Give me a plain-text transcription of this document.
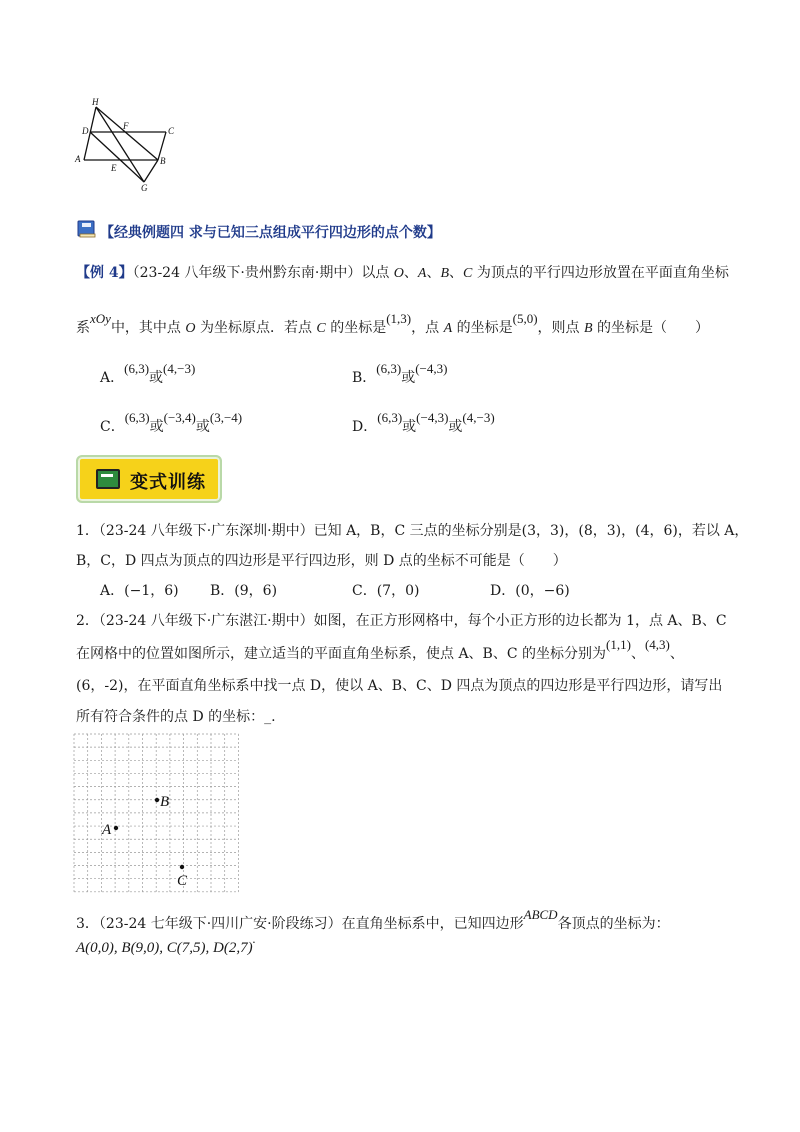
H
D	F	C
A
E
B
G
【经典例题四 求与已知三点组成平行四边形的点个数】
【例 4】（23-24 八年级下·贵州黔东南·期中）以点 O、A、B、C 为顶点的平行四边形放置在平面直角坐标
系xOy中，其中点 O 为坐标原点．若点 C 的坐标是(1,3)，点 A 的坐标是(5,0)，则点 B 的坐标是（　　）
A．(6,3)或(4,−3)
B．(6,3)或(−4,3)
C．(6,3)或(−3,4)或(3,−4)
D．(6,3)或(−4,3)或(4,−3)
变式训练
1．（23-24 八年级下·广东深圳·期中）已知 A，B，C 三点的坐标分别是(3，3)，(8，3)，(4，6)，若以 A，
B，C，D 四点为顶点的四边形是平行四边形，则 D 点的坐标不可能是（　　）
A．(−1，6) B．(9，6)	C．(7，0)	D．(0，−6)
2．（23-24 八年级下·广东湛江·期中）如图，在正方形网格中，每个小正方形的边长都为 1，点 A、B、C
在网格中的位置如图所示，建立适当的平面直角坐标系，使点 A、B、C 的坐标分别为(1,1)、(4,3)、
(6，-2)，在平面直角坐标系中找一点 D，使以 A、B、C、D 四点为顶点的四边形是平行四边形，请写出
所有符合条件的点 D 的坐标：_.
B
A
C
3．（23-24 七年级下·四川广安·阶段练习）在直角坐标系中，已知四边形ABCD各顶点的坐标为：
A(0,0), B(9,0), C(7,5), D(2,7).
